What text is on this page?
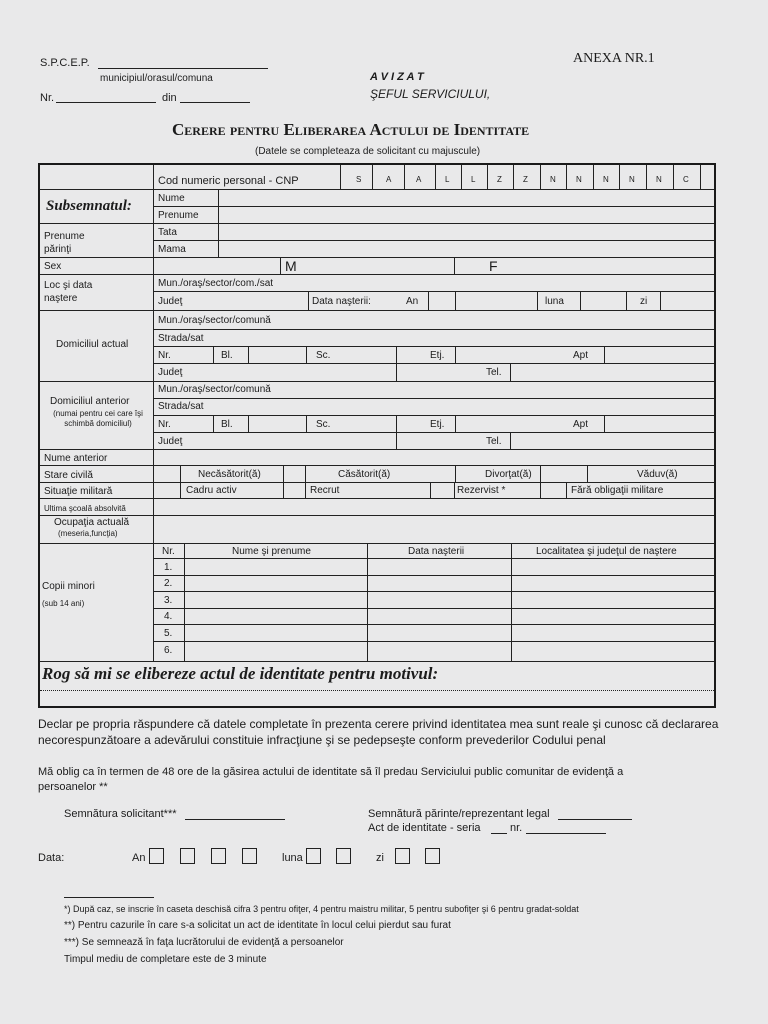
S.P.C.E.P.
municipiul/orasul/comuna
Nr.	din
ANEXA NR.1
A V I Z A T
ŞEFUL SERVICIULUI,
Cerere pentru Eliberarea Actului de Identitate
(Datele se completeaza de solicitant cu majuscule)
Cod numeric personal - CNP	S	A	A	L	L	Z	Z	N	N	N	N	N	C
Subsemnatul:	Nume
Prenume
Prenume părinţi
Tata
Mama
Sex	M	F
Loc şi data naştere
Mun./oraş/sector/com./sat
Judeţ	Data naşterii:	An	luna	zi
Domiciliul actual
Mun./oraş/sector/comună
Strada/sat
Nr.	Bl.	Sc.	Etj.	Apt
Judeţ	Tel.
Domiciliul anterior
(numai pentru cei care îşi schimbă domiciliul)
Mun./oraş/sector/comună
Strada/sat
Nr.	Bl.	Sc.	Etj.	Apt
Judeţ	Tel.
Nume anterior
Stare civilă	Necăsătorit(ă)	Căsătorit(ă)	Divorţat(ă)	Văduv(ă)
Situaţie militară	Cadru activ	Recrut	Rezervist *	Fără obligaţii militare
Ultima şcoală absolvită
Ocupaţia actuală
(meseria,funcţia)
Copii minori
(sub 14 ani)
Nr.	Nume şi prenume	Data naşterii	Localitatea şi judeţul de naştere
1.
2.
3.
4.
5.
6.
Rog să mi se elibereze actul de identitate pentru motivul:
Declar pe propria răspundere că datele completate în prezenta cerere privind identitatea mea sunt reale şi cunosc că declararea necorespunzătoare a adevărului constituie infracţiune şi se pedepseşte conform prevederilor Codului penal
Mă oblig ca în termen de 48 ore de la găsirea actului de identitate să îl predau Serviciului public comunitar de evidenţă a persoanelor **
Semnătura solicitant***	Semnătură părinte/reprezentant legal
Act de identitate - seria	nr.
Data:	An	luna	zi
*) După caz, se inscrie în caseta deschisă cifra 3 pentru ofiţer, 4 pentru maistru militar, 5 pentru subofiţer şi 6 pentru gradat-soldat
**) Pentru cazurile în care s-a solicitat un act de identitate în locul celui pierdut sau furat
***) Se semnează în faţa lucrătorului de evidenţă a persoanelor
Timpul mediu de completare este de 3 minute
